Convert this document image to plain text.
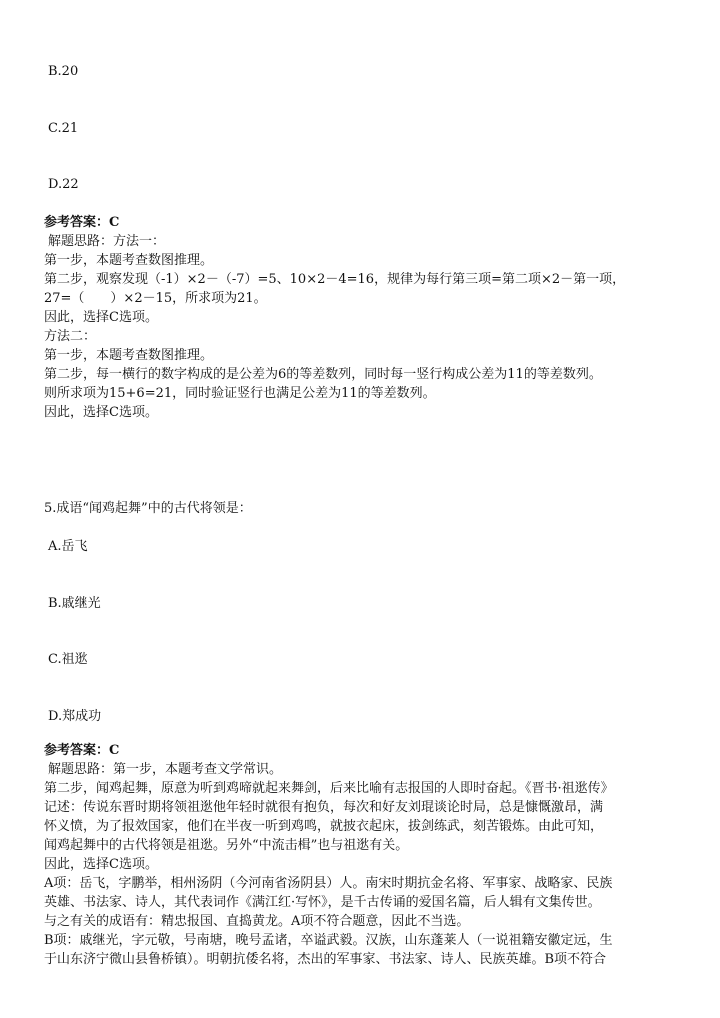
B.20
C.21
D.22
参考答案：C
解题思路：方法一：
第一步，本题考查数图推理。
第二步，观察发现（-1）×2－（-7）=5、10×2－4=16，规律为每行第三项=第二项×2－第一项，
27=（　　）×2－15，所求项为21。
因此，选择C选项。
方法二：
第一步，本题考查数图推理。
第二步，每一横行的数字构成的是公差为6的等差数列，同时每一竖行构成公差为11的等差数列。
则所求项为15+6=21，同时验证竖行也满足公差为11的等差数列。
因此，选择C选项。
5.成语“闻鸡起舞”中的古代将领是：
A.岳飞
B.戚继光
C.祖逖
D.郑成功
参考答案：C
解题思路：第一步，本题考查文学常识。
第二步，闻鸡起舞，原意为听到鸡啼就起来舞剑，后来比喻有志报国的人即时奋起。《晋书·祖逖传》
记述：传说东晋时期将领祖逖他年轻时就很有抱负，每次和好友刘琨谈论时局，总是慷慨激昂，满
怀义愤，为了报效国家，他们在半夜一听到鸡鸣，就披衣起床，拔剑练武，刻苦锻炼。由此可知，
闻鸡起舞中的古代将领是祖逖。另外“中流击楫”也与祖逖有关。
因此，选择C选项。
A项：岳飞，字鹏举，相州汤阴（今河南省汤阴县）人。南宋时期抗金名将、军事家、战略家、民族
英雄、书法家、诗人，其代表词作《满江红·写怀》，是千古传诵的爱国名篇，后人辑有文集传世。
与之有关的成语有：精忠报国、直捣黄龙。A项不符合题意，因此不当选。
B项：戚继光，字元敬，号南塘，晚号孟诸，卒谥武毅。汉族，山东蓬莱人（一说祖籍安徽定远，生
于山东济宁微山县鲁桥镇）。明朝抗倭名将，杰出的军事家、书法家、诗人、民族英雄。B项不符合
